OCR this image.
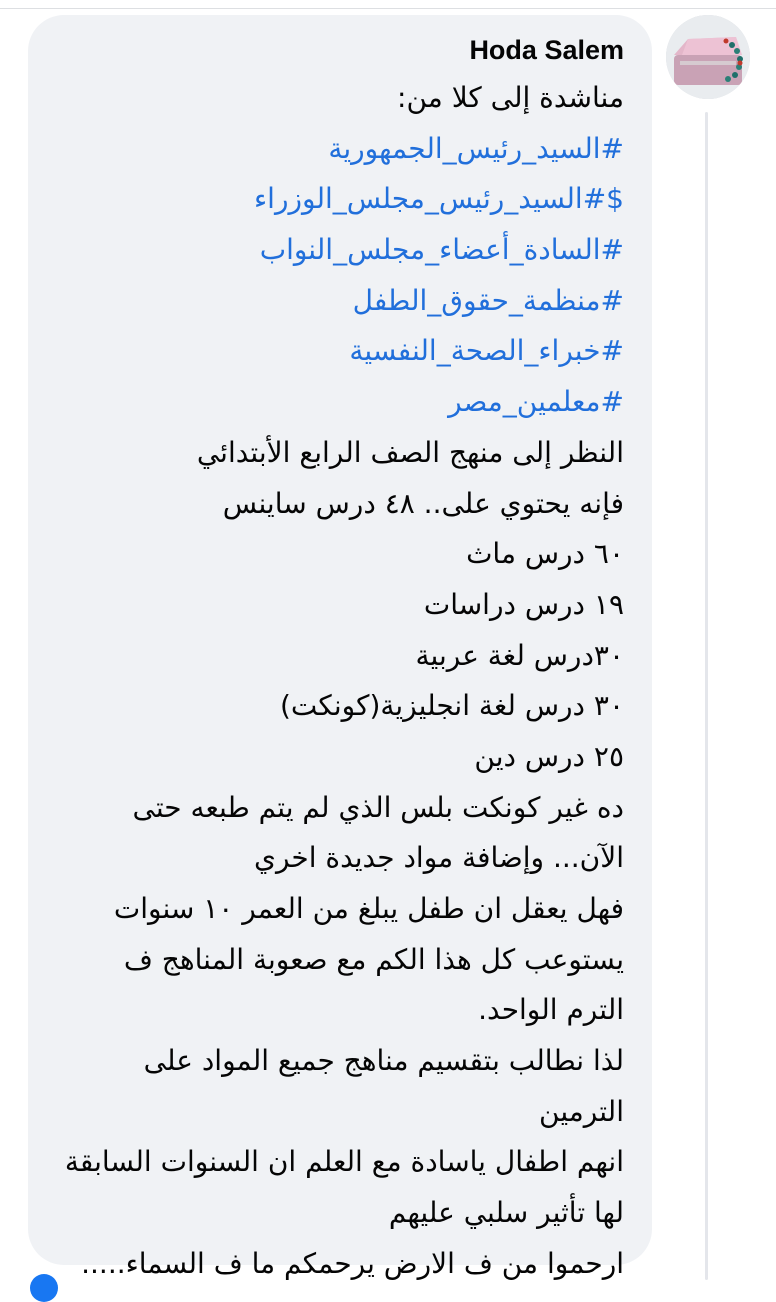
Hoda Salem
مناشدة إلى كلا من:
#السيد_رئيس_الجمهورية
$#السيد_رئيس_مجلس_الوزراء
#السادة_أعضاء_مجلس_النواب
#منظمة_حقوق_الطفل
#خبراء_الصحة_النفسية
#معلمين_مصر
النظر إلى منهج الصف الرابع الأبتدائي
فإنه يحتوي على.. ٤٨ درس ساينس
٦٠ درس ماث
١٩ درس دراسات
٣٠درس لغة عربية
٣٠ درس لغة انجليزية(كونكت)
٢٥ درس دين
ده غير كونكت بلس الذي لم يتم طبعه حتى
الآن... وإضافة مواد جديدة اخري
فهل يعقل ان طفل يبلغ من العمر ١٠ سنوات
يستوعب كل هذا الكم مع صعوبة المناهج ف
الترم الواحد.
لذا نطالب بتقسيم مناهج جميع المواد على
الترمين
انهم اطفال ياسادة مع العلم ان السنوات السابقة
لها تأثير سلبي عليهم
ارحموا من ف الارض يرحمكم ما ف السماء.....
